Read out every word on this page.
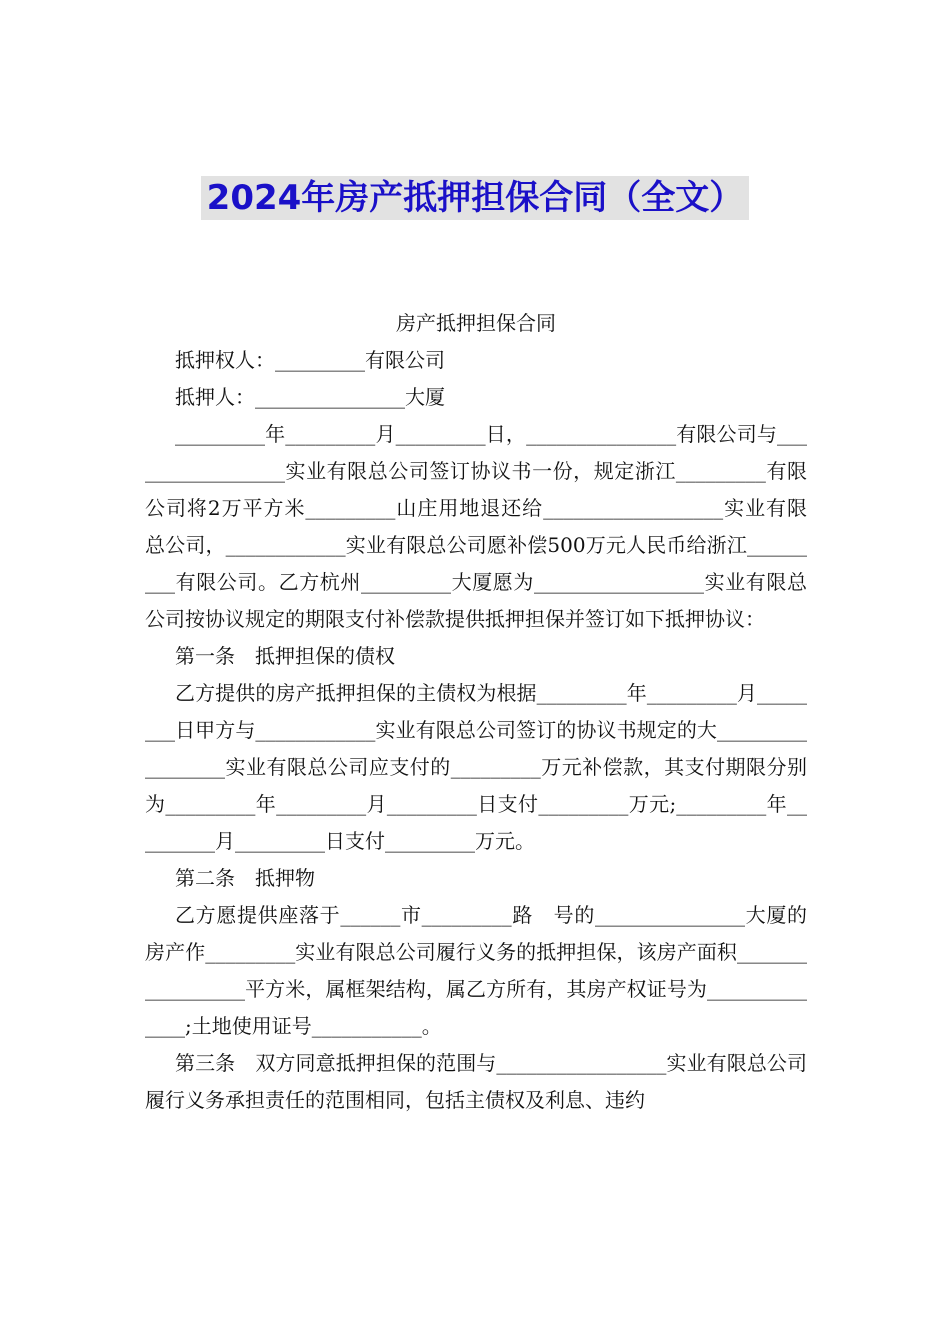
2024年房产抵押担保合同（全文）

房产抵押担保合同

抵押权人：_________有限公司

抵押人：_______________大厦

_________年_________月_________日，_______________有限公司与_________________实业有限总公司签订协议书一份，规定浙江_________有限公司将2万平方米_________山庄用地退还给__________________实业有限总公司，____________实业有限总公司愿补偿500万元人民币给浙江_________有限公司。乙方杭州_________大厦愿为_________________实业有限总公司按协议规定的期限支付补偿款提供抵押担保并签订如下抵押协议：

第一条　抵押担保的债权

乙方提供的房产抵押担保的主债权为根据_________年_________月________日甲方与____________实业有限总公司签订的协议书规定的大_________________实业有限总公司应支付的_________万元补偿款，其支付期限分别为_________年_________月_________日支付_________万元;_________年_________月_________日支付_________万元。

第二条　抵押物

乙方愿提供座落于______市_________路　号的_______________大厦的房产作_________实业有限总公司履行义务的抵押担保，该房产面积_________________平方米，属框架结构，属乙方所有，其房产权证号为______________;土地使用证号___________。

第三条　双方同意抵押担保的范围与_________________实业有限总公司履行义务承担责任的范围相同，包括主债权及利息、违约
